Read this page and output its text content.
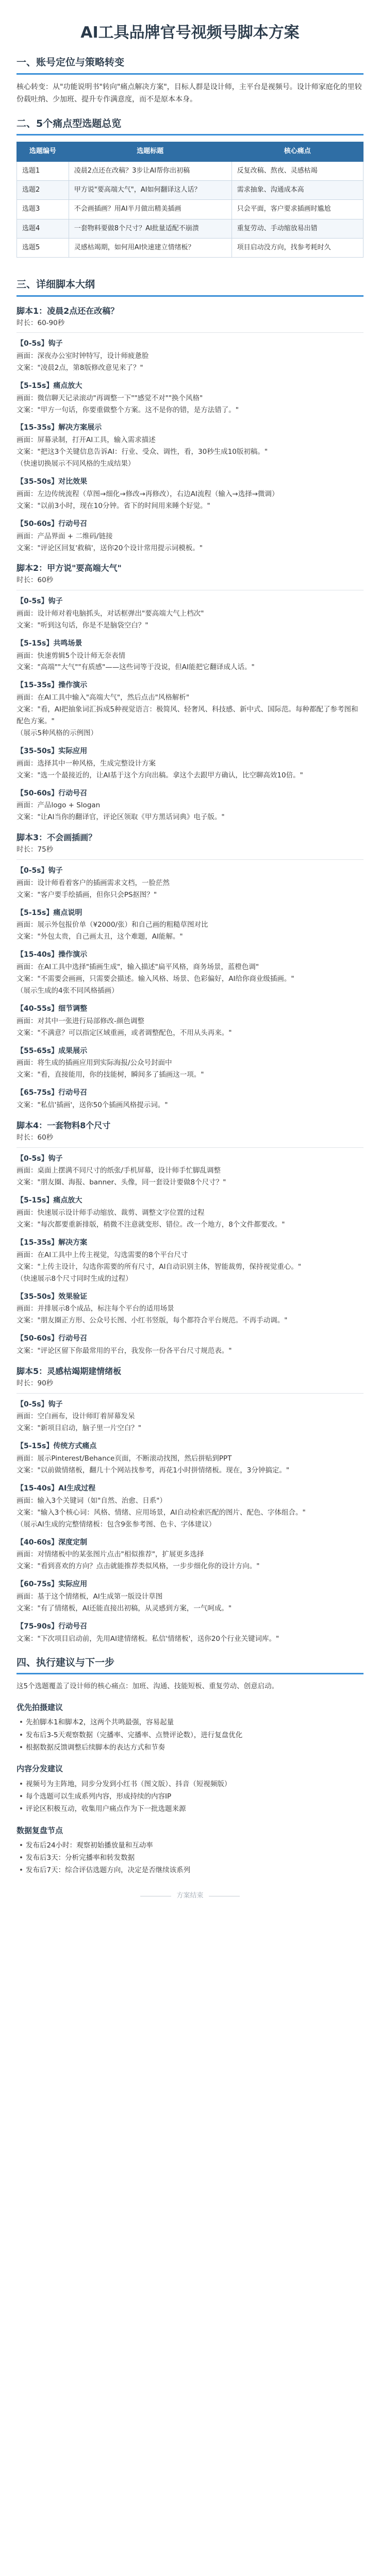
AI工具品牌官号视频号脚本方案
一、账号定位与策略转变

核心转变：从"功能说明书"转向"痛点解决方案"，目标人群是设计师，主平台是视频号。设计师家庭化的里较份载吐纳、少加班、提升专作满意度，而不是原本本身。

二、5个痛点型选题总览
选题编号	选题标题	核心痛点
选题1	凌晨2点还在改稿？3步让AI帮你出初稿	反复改稿、熬夜、灵感枯竭
选题2	甲方说"要高端大气"，AI如何翻译这人话？	需求抽象、沟通成本高
选题3	不会画插画？用AI半月做出精美插画	只会平面，客户要求插画时尴尬
选题4	一套物料要做8个尺寸？AI批量适配不崩溃	重复劳动、手动缩放易出错
选题5	灵感枯竭期，如何用AI快速建立情绪板？	项目启动没方向，找参考耗时久
三、详细脚本大纲
脚本1：凌晨2点还在改稿？
时长：60-90秒
【0-5s】钩子
画面：深夜办公室时钟特写，设计师疲惫脸
文案："凌晨2点，第8版修改意见来了？"
【5-15s】痛点放大
画面：微信聊天记录滚动"再调整一下""感觉不对""换个风格"
文案："甲方一句话，你要重做整个方案。这不是你的错，是方法错了。"
【15-35s】解决方案展示
画面：屏幕录制，打开AI工具，输入需求描述
文案："把这3个关键信息告诉AI：行业、受众、调性，看，30秒生成10版初稿。"
（快速切换展示不同风格的生成结果）
【35-50s】对比效果
画面：左边传统流程（草图→细化→修改→再修改），右边AI流程（输入→选择→微调）
文案："以前3小时，现在10分钟。省下的时间用来睡个好觉。"
【50-60s】行动号召
画面：产品界面 + 二维码/链接
文案："评论区回复'救稿'，送你20个设计常用提示词模板。"
脚本2：甲方说"要高端大气"
时长：60秒
【0-5s】钩子
画面：设计师对着电脑抓头，对话框弹出"要高端大气上档次"
文案："听到这句话，你是不是脑袋空白？"
【5-15s】共鸣场景
画面：快速剪辑5个设计师无奈表情
文案："高端""大气""有质感"——这些词等于没说，但AI能把它翻译成人话。"
【15-35s】操作演示
画面：在AI工具中输入"高端大气"，然后点击"风格解析"
文案："看，AI把抽象词汇拆成5种视觉语言：极简风、轻奢风、科技感、新中式、国际范。每种都配了参考图和配色方案。"
（展示5种风格的示例图）
【35-50s】实际应用
画面：选择其中一种风格，生成完整设计方案
文案："选一个最接近的，让AI基于这个方向出稿。拿这个去跟甲方确认，比空聊高效10倍。"
【50-60s】行动号召
画面：产品logo + Slogan
文案："让AI当你的翻译官，评论区领取《甲方黑话词典》电子版。"
脚本3：不会画插画？
时长：75秒
【0-5s】钩子
画面：设计师看着客户的插画需求文档，一脸茫然
文案："客户要手绘插画，但你只会PS抠图？"
【5-15s】痛点说明
画面：展示外包报价单（¥2000/张）和自己画的粗糙草图对比
文案："外包太贵，自己画太丑，这个难题，AI能解。"
【15-40s】操作演示
画面：在AI工具中选择"插画生成"，输入描述"扁平风格，商务场景，蓝橙色调"
文案："不需要会画画，只需要会描述。输入风格、场景、色彩偏好，AI给你商业级插画。"
（展示生成的4张不同风格插画）
【40-55s】细节调整
画面：对其中一张进行局部修改-颜色调整
文案："不满意？可以指定区域重画，或者调整配色，不用从头再来。"
【55-65s】成果展示
画面：将生成的插画应用到实际海报/公众号封面中
文案："看，直接能用，你的技能树，瞬间多了插画这一项。"
【65-75s】行动号召
文案："私信'插画'，送你50个插画风格提示词。"
脚本4：一套物料8个尺寸
时长：60秒
【0-5s】钩子
画面：桌面上摆满不同尺寸的纸张/手机屏幕，设计师手忙脚乱调整
文案："朋友圈、海报、banner、头像，同一套设计要做8个尺寸？"
【5-15s】痛点放大
画面：快速展示设计师手动缩放、裁剪、调整文字位置的过程
文案："每次都要重新排版，稍微不注意就变形、错位。改一个地方，8个文件都要改。"
【15-35s】解决方案
画面：在AI工具中上传主视觉，勾选需要的8个平台尺寸
文案："上传主设计，勾选你需要的所有尺寸，AI自动识别主体，智能裁剪，保持视觉重心。"
（快速展示8个尺寸同时生成的过程）
【35-50s】效果验证
画面：并排展示8个成品，标注每个平台的适用场景
文案："朋友圈正方形、公众号长图、小红书竖版，每个都符合平台规范。不再手动调。"
【50-60s】行动号召
文案："评论区留下你最常用的平台，我发你一份各平台尺寸规范表。"
脚本5：灵感枯竭期建情绪板
时长：90秒
【0-5s】钩子
画面：空白画布，设计师盯着屏幕发呆
文案："新项目启动，脑子里一片空白？"
【5-15s】传统方式痛点
画面：展示Pinterest/Behance页面，不断滚动找图，然后拼贴到PPT
文案："以前做情绪板，翻几十个网站找参考，再花1小时拼情绪板。现在，3分钟搞定。"
【15-40s】AI生成过程
画面：输入3个关键词（如"自然、治愈、日系"）
文案："输入3个核心词：风格、情绪、应用场景，AI自动检索匹配的图片、配色、字体组合。"
（展示AI生成的完整情绪板：包含9张参考图、色卡、字体建议）
【40-60s】深度定制
画面：对情绪板中的某张图片点击"相似推荐"，扩展更多选择
文案："看到喜欢的方向？点击就能推荐类似风格，一步步细化你的设计方向。"
【60-75s】实际应用
画面：基于这个情绪板，AI生成第一版设计草图
文案："有了情绪板，AI还能直接出初稿，从灵感到方案，一气呵成。"
【75-90s】行动号召
文案："下次项目启动前，先用AI建情绪板。私信'情绪板'，送你20个行业关键词库。"
四、执行建议与下一步

这5个选题覆盖了设计师的核心痛点：加班、沟通、技能短板、重复劳动、创意启动。

优先拍摄建议
• 先拍脚本1和脚本2，这两个共鸣最强，容易起量
• 发布后3-5天观察数据（完播率、完播率、点赞评论数），进行复盘优化
• 根据数据反馈调整后续脚本的表达方式和节奏
内容分发建议
• 视频号为主阵地，同步分发到小红书（图文版）、抖音（短视频版）
• 每个选题可以生成系列内容，形成持续的内容IP
• 评论区积极互动，收集用户痛点作为下一批选题来源
数据复盘节点
• 发布后24小时：观察初始播放量和互动率
• 发布后3天：分析完播率和转发数据
• 发布后7天：综合评估选题方向，决定是否继续该系列
方案结束
